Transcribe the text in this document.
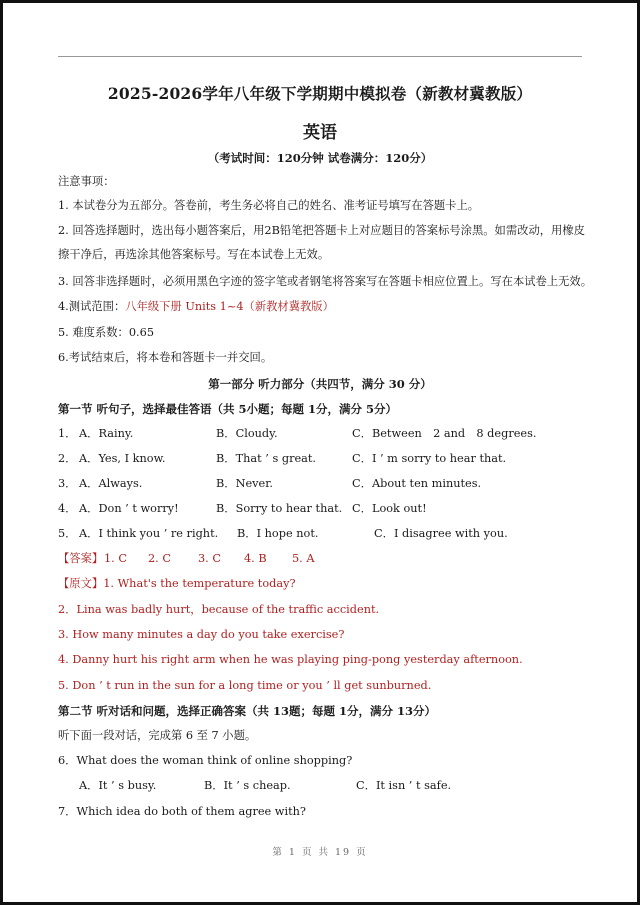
2025-2026学年八年级下学期期中模拟卷（新教材冀教版）
英语
（考试时间：120分钟 试卷满分：120分）
注意事项：
1. 本试卷分为五部分。答卷前，考生务必将自己的姓名、准考证号填写在答题卡上。
2. 回答选择题时，选出每小题答案后，用2B铅笔把答题卡上对应题目的答案标号涂黑。如需改动，用橡皮擦干净后，再选涂其他答案标号。写在本试卷上无效。
3. 回答非选择题时，必须用黑色字迹的签字笔或者钢笔将答案写在答题卡相应位置上。写在本试卷上无效。
4.测试范围：八年级下册 Units 1~4（新教材冀教版）
5. 难度系数：0.65
6.考试结束后，将本卷和答题卡一并交回。
第一部分 听力部分（共四节，满分 30 分）
第一节 听句子，选择最佳答语（共 5小题；每题 1分，满分 5分）
1． A．Rainy.	B．Cloudy.	C．Between　2 and　8 degrees.
2． A．Yes, I know.	B．That ’ s great.	C．I ’ m sorry to hear that.
3． A．Always.	B．Never.	C．About ten minutes.
4． A．Don ’ t worry!	B．Sorry to hear that. C．Look out!
5． A．I think you ’ re right. B．I hope not.	C．I disagree with you.
【答案】 1. C 2. C 3. C 4. B 5. A
【原文】1. What's the temperature today?
2．Lina was badly hurt，because of the traffic accident.
3. How many minutes a day do you take exercise?
4. Danny hurt his right arm when he was playing ping-pong yesterday afternoon.
5. Don ’ t run in the sun for a long time or you ’ ll get sunburned.
第二节 听对话和问题，选择正确答案（共 13题；每题 1分，满分 13分）
听下面一段对话，完成第 6 至 7 小题。
6．What does the woman think of online shopping?
A．It ’ s busy.	B．It ’ s cheap.	C．It isn ’ t safe.
7．Which idea do both of them agree with?
第 1 页 共 19 页
